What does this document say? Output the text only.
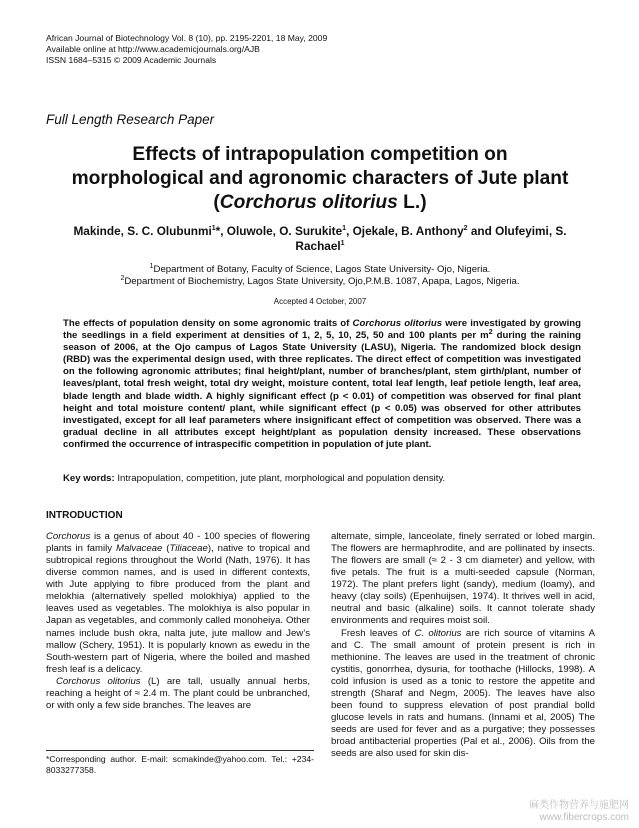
African Journal of Biotechnology Vol. 8 (10), pp. 2195-2201, 18 May, 2009
Available online at http://www.academicjournals.org/AJB
ISSN 1684–5315 © 2009 Academic Journals
Full Length Research Paper
Effects of intrapopulation competition on
morphological and agronomic characters of Jute plant
(Corchorus olitorius L.)
Makinde, S. C. Olubunmi$^1$*, Oluwole, O. Surukite$^1$, Ojekale, B. Anthony$^2$ and Olufeyimi, S.
Rachael$^1$
$^1$Department of Botany, Faculty of Science, Lagos State University- Ojo, Nigeria.
$^2$Department of Biochemistry, Lagos State University, Ojo,P.M.B. 1087, Apapa, Lagos, Nigeria.
Accepted 4 October, 2007
The effects of population density on some agronomic traits of Corchorus olitorius were investigated by growing the seedlings in a field experiment at densities of 1, 2, 5, 10, 25, 50 and 100 plants per $m^2$ during the raining season of 2006, at the Ojo campus of Lagos State University (LASU), Nigeria. The randomized block design (RBD) was the experimental design used, with three replicates. The direct effect of competition was investigated on the following agronomic attributes; final height/plant, number of branches/plant, stem girth/plant, number of leaves/plant, total fresh weight, total dry weight, moisture content, total leaf length, leaf petiole length, leaf area, blade length and blade width. A highly significant effect (p < 0.01) of competition was observed for final plant height and total moisture content/ plant, while significant effect (p < 0.05) was observed for other attributes investigated, except for all leaf parameters where insignificant effect of competition was observed. There was a gradual decline in all attributes except height/plant as population density increased. These observations confirmed the occurrence of intraspecific competition in population of jute plant.
Key words: Intrapopulation, competition, jute plant, morphological and population density.
INTRODUCTION

Corchorus is a genus of about 40 - 100 species of flowering plants in family Malvaceae (Tiliaceae), native to tropical and subtropical regions throughout the World (Nath, 1976). It has diverse common names, and is used in different contexts, with Jute applying to fibre produced from the plant and melokhia (alternatively spelled molokhiya) applied to the leaves used as vegetables. The molokhiya is also popular in Japan as vegetables, and commonly called monoheiya. Other names include bush okra, nalta jute, jute mallow and Jew’s mallow (Schery, 1951). It is popularly known as ewedu in the South-western part of Nigeria, where the boiled and mashed fresh leaf is a delicacy.

Corchorus olitorius (L) are tall, usually annual herbs, reaching a height of ≈ 2.4 m. The plant could be unbranched, or with only a few side branches. The leaves are

alternate, simple, lanceolate, finely serrated or lobed margin. The flowers are hermaphrodite, and are pollinated by insects. The flowers are small (≈ 2 - 3 cm diameter) and yellow, with five petals. The fruit is a multi-seeded capsule (Norman, 1972). The plant prefers light (sandy), medium (loamy), and heavy (clay soils) (Epenhuijsen, 1974). It thrives well in acid, neutral and basic (alkaline) soils. It cannot tolerate shady environments and requires moist soil.

Fresh leaves of C. olitorius are rich source of vitamins A and C. The small amount of protein present is rich in methionine. The leaves are used in the treatment of chronic cystitis, gonorrhea, dysuria, for toothache (Hillocks, 1998). A cold infusion is used as a tonic to restore the appetite and strength (Sharaf and Negm, 2005). The leaves have also been found to suppress elevation of post prandial bolld glucose levels in rats and humans. (Innami et al, 2005) The seeds are used for fever and as a purgative; they possesses broad antibacterial properties (Pal et al., 2006). Oils from the seeds are also used for skin dis-

*Corresponding author. E-mail: scmakinde@yahoo.com. Tel.: +234-8033277358.
麻类作物营养与施肥网
www.fibercrops.com
